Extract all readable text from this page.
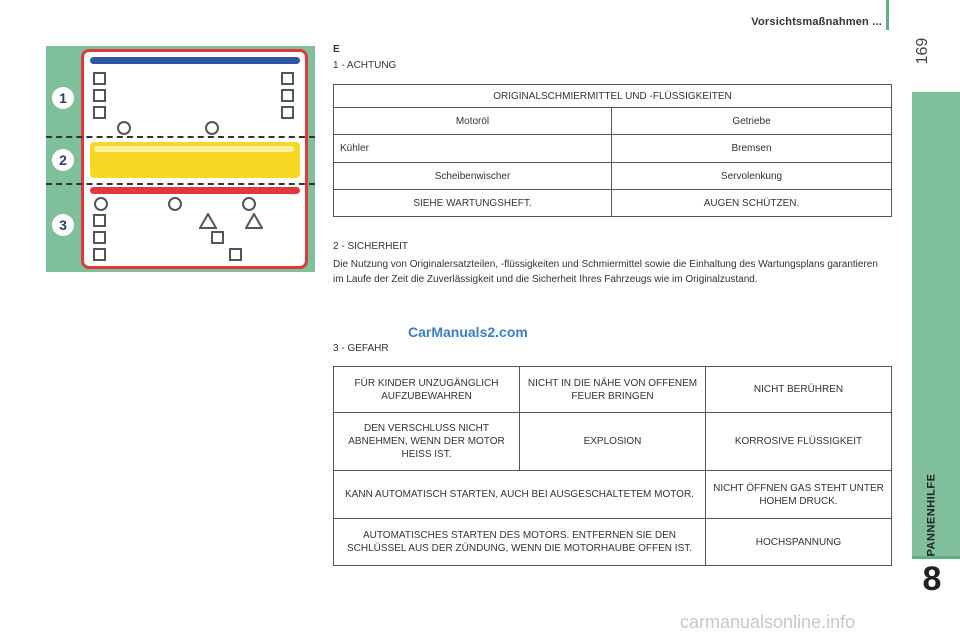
Vorsichtsmaßnahmen ...
169
PANNENHILFE
8
1
2
3
E
1 - ACHTUNG
ORIGINALSCHMIERMITTEL UND -FLÜSSIGKEITEN	
Motoröl	Getriebe
Kühler	Bremsen
Scheibenwischer	Servolenkung
SIEHE WARTUNGSHEFT.	AUGEN SCHÜTZEN.
2 - SICHERHEIT
Die Nutzung von Originalersatzteilen, -flüssigkeiten und Schmiermittel sowie die Einhaltung des Wartungsplans garantieren im Laufe der Zeit die Zuverlässigkeit und die Sicherheit Ihres Fahrzeugs wie im Originalzustand.
3 - GEFAHR
FÜR KINDER UNZUGÄNGLICH AUFZUBEWAHREN	NICHT IN DIE NÄHE VON OFFENEM FEUER BRINGEN	NICHT BERÜHREN
DEN VERSCHLUSS NICHT ABNEHMEN, WENN DER MOTOR HEISS IST.	EXPLOSION	KORROSIVE FLÜSSIGKEIT
KANN AUTOMATISCH STARTEN, AUCH BEI AUSGESCHALTETEM MOTOR.		NICHT ÖFFNEN GAS STEHT UNTER HOHEM DRUCK.
AUTOMATISCHES STARTEN DES MOTORS. ENTFERNEN SIE DEN SCHLÜSSEL AUS DER ZÜNDUNG, WENN DIE MOTORHAUBE OFFEN IST.		HOCHSPANNUNG
CarManuals2.com
carmanualsonline.info
